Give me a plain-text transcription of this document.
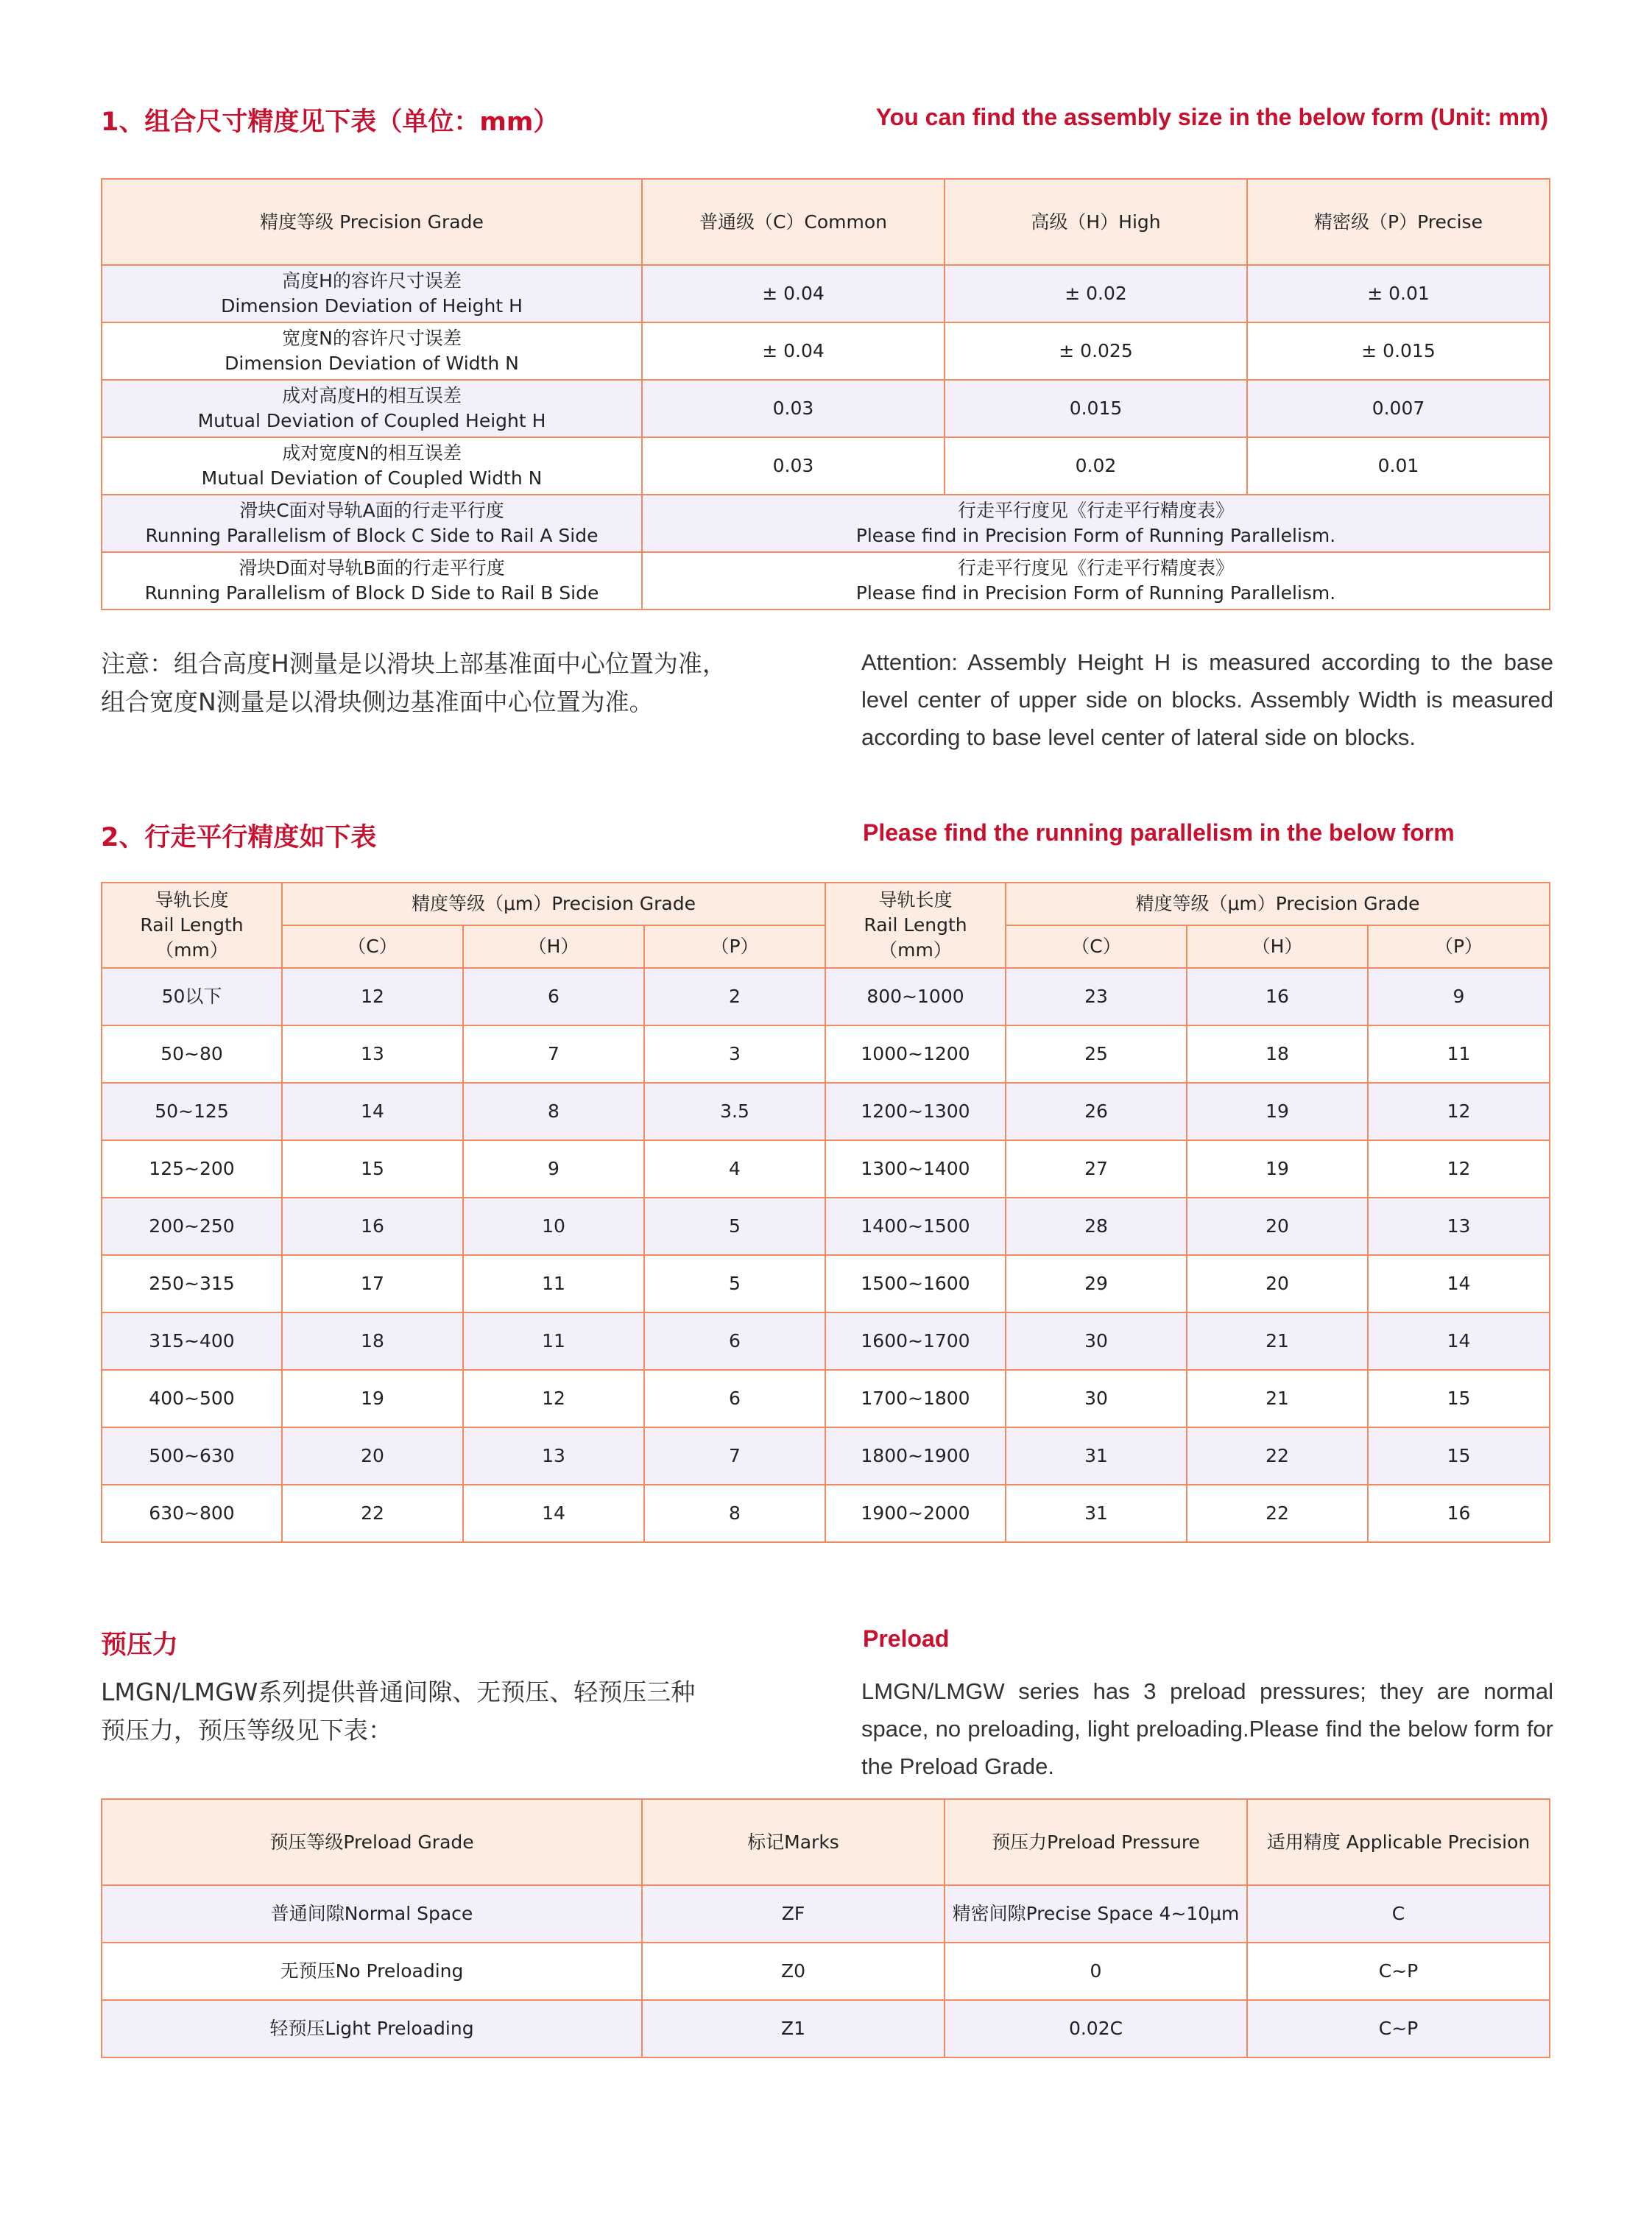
1、组合尺寸精度见下表（单位：mm）	You can find the assembly size in the below form (Unit: mm)
精度等级 Precision Grade	普通级（C）Common	高级（H）High	精密级（P）Precise

高度H的容许尺寸误差
Dimension Deviation of Height H	± 0.04	± 0.02	± 0.01

宽度N的容许尺寸误差
Dimension Deviation of Width N	± 0.04	± 0.025	± 0.015

成对高度H的相互误差
Mutual Deviation of Coupled Height H	0.03	0.015	0.007

成对宽度N的相互误差
Mutual Deviation of Coupled Width N	0.03	0.02	0.01

滑块C面对导轨A面的行走平行度
Running Parallelism of Block C Side to Rail A Side	行走平行度见《行走平行精度表》
Please find in Precision Form of Running Parallelism.		

滑块D面对导轨B面的行走平行度
Running Parallelism of Block D Side to Rail B Side	行走平行度见《行走平行精度表》
Please find in Precision Form of Running Parallelism.		
注意：组合高度H测量是以滑块上部基准面中心位置为准，
组合宽度N测量是以滑块侧边基准面中心位置为准。
Attention: Assembly Height H is measured according to the base level center of upper side on blocks. Assembly Width is measured according to base level center of lateral side on blocks.
2、行走平行精度如下表	Please find the running parallelism in the below form
导轨长度
Rail Length
（mm）	精度等级（μm）Precision Grade			导轨长度
Rail Length
（mm）	精度等级（μm）Precision Grade		
	（C）	（H）	（P）		（C）	（H）	（P）
50以下	12	6	2	800~1000	23	16	9
50~80	13	7	3	1000~1200	25	18	11
50~125	14	8	3.5	1200~1300	26	19	12
125~200	15	9	4	1300~1400	27	19	12
200~250	16	10	5	1400~1500	28	20	13
250~315	17	11	5	1500~1600	29	20	14
315~400	18	11	6	1600~1700	30	21	14
400~500	19	12	6	1700~1800	30	21	15
500~630	20	13	7	1800~1900	31	22	15
630~800	22	14	8	1900~2000	31	22	16
预压力	Preload
LMGN/LMGW系列提供普通间隙、无预压、轻预压三种
预压力，预压等级见下表：
LMGN/LMGW series has 3 preload pressures; they are normal space, no preloading, light preloading.Please find the below form for the Preload Grade.
预压等级Preload Grade	标记Marks	预压力Preload Pressure	适用精度 Applicable Precision
普通间隙Normal Space	ZF	精密间隙Precise Space 4~10μm	C
无预压No Preloading	Z0	0	C~P
轻预压Light Preloading	Z1	0.02C	C~P
